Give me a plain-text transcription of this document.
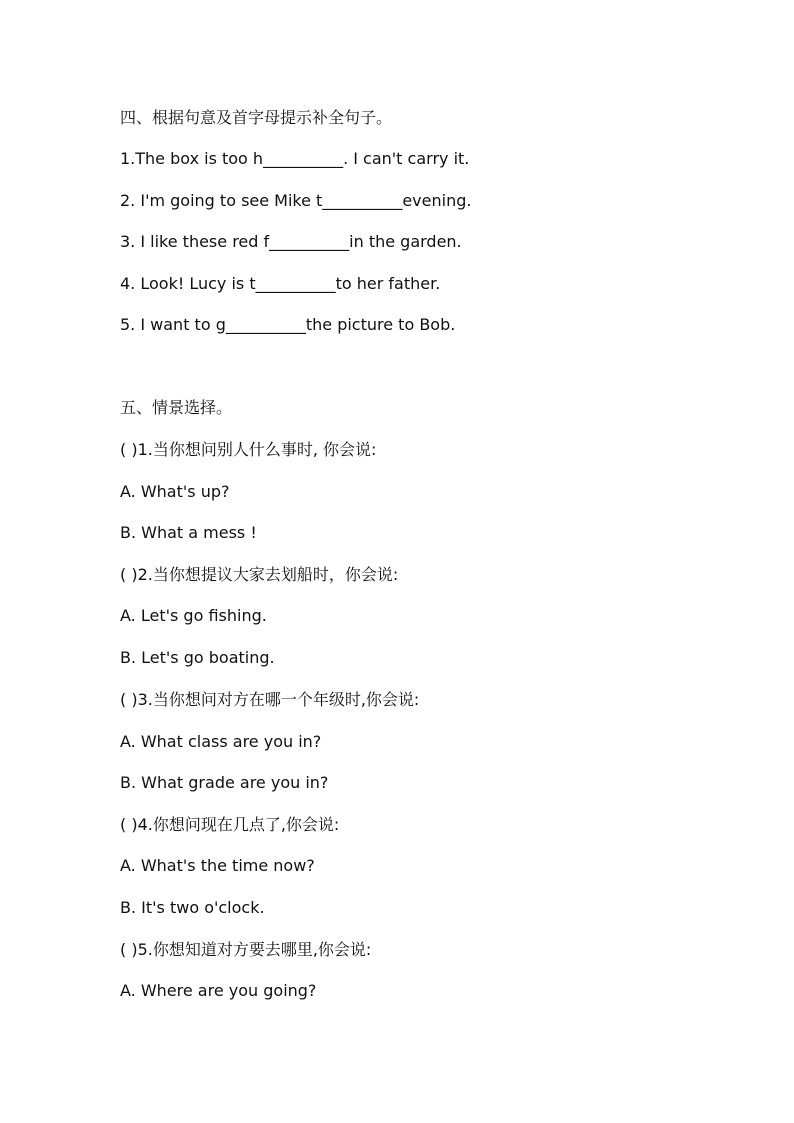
四、根据句意及首字母提示补全句子。
1.The box is too h__________. I can't carry it.
2. I'm going to see Mike t__________evening.
3. I like these red f__________in the garden.
4. Look! Lucy is t__________to her father.
5. I want to g__________the picture to Bob.
五、情景选择。
( )1.当你想问别人什么事时, 你会说:
A. What's up?
B. What a mess !
( )2.当你想提议大家去划船时，你会说:
A. Let's go fishing.
B. Let's go boating.
( )3.当你想问对方在哪一个年级时,你会说:
A. What class are you in?
B. What grade are you in?
( )4.你想问现在几点了,你会说:
A. What's the time now?
B. It's two o'clock.
( )5.你想知道对方要去哪里,你会说:
A. Where are you going?
